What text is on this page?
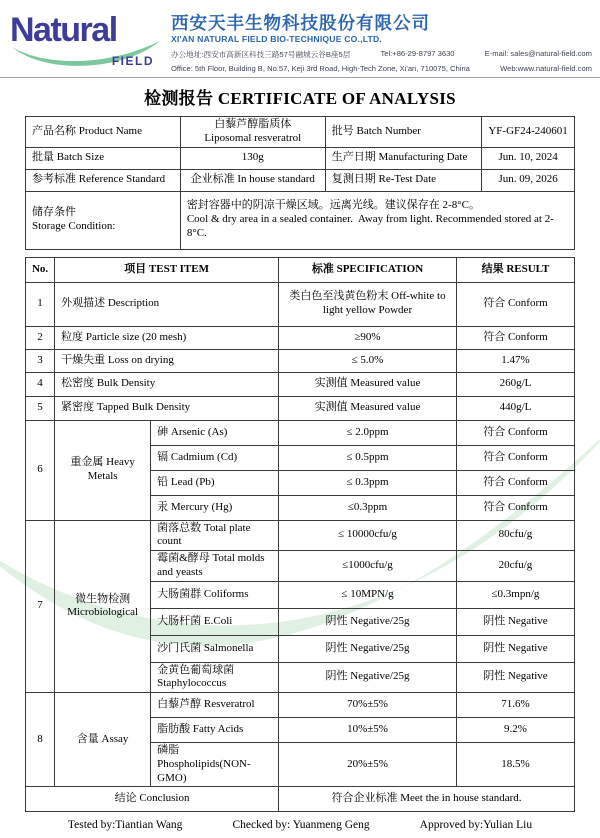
Natural
FIELD
西安天丰生物科技股份有限公司
XI'AN NATURAL FIELD BIO-TECHNIQUE CO.,LTD.
办公地址:西安市高新区科技三路57号融城云谷B座5层	Tel:+86-29-8797 3630	E-mail: sales@natural-field.com
Office: 5th Floor, Building B, No.57, Keji 3rd Road, High-Tech Zone, Xi'an, 710075, China	Web:www.natural-field.com
检测报告 CERTIFICATE OF ANALYSIS
产品名称 Product Name	白藜芦醇脂质体
Liposomal resveratrol	批号 Batch Number	YF-GF24-240601
批量 Batch Size	130g	生产日期 Manufacturing Date	Jun. 10, 2024
参考标准 Reference Standard	企业标准 In house standard	复测日期 Re-Test Date	Jun. 09, 2026

储存条件
Storage Condition:

密封容器中的阴凉干燥区域。远离光线。建议保存在 2-8°C。
Cool & dry area in a sealed container.  Away from light. Recommended stored at 2-8°C.
No.	项目 TEST ITEM		标准 SPECIFICATION	结果 RESULT
1	外观描述 Description		类白色至浅黄色粉末 Off-white to light yellow Powder	符合 Conform
2	粒度 Particle size (20 mesh)		≥90%	符合 Conform
3	干燥失重 Loss on drying		≤ 5.0%	1.47%
4	松密度 Bulk Density		实测值 Measured value	260g/L
5	紧密度 Tapped Bulk Density		实测值 Measured value	440g/L
6	重金属 Heavy Metals	砷 Arsenic (As)	≤ 2.0ppm	符合 Conform
		镉 Cadmium (Cd)	≤ 0.5ppm	符合 Conform
		铅 Lead (Pb)	≤ 0.3ppm	符合 Conform
		汞 Mercury (Hg)	≤0.3ppm	符合 Conform
7	微生物检测 Microbiological	菌落总数 Total plate count	≤ 10000cfu/g	80cfu/g
		霉菌&酵母 Total molds and yeasts	≤1000cfu/g	20cfu/g
		大肠菌群 Coliforms	≤ 10MPN/g	≤0.3mpn/g
		大肠杆菌 E.Coli	阴性 Negative/25g	阴性 Negative
		沙门氏菌 Salmonella	阴性 Negative/25g	阴性 Negative
		金黄色葡萄球菌 Staphylococcus	阴性 Negative/25g	阴性 Negative
8	含量 Assay	白藜芦醇 Resveratrol	70%±5%	71.6%
		脂肪酸 Fatty Acids	10%±5%	9.2%
		磷脂 Phospholipids(NON-GMO)	20%±5%	18.5%
结论 Conclusion			符合企业标准 Meet the in house standard.	
Tested by:Tiantian Wang	Checked by: Yuanmeng Geng	Approved by:Yulian Liu
